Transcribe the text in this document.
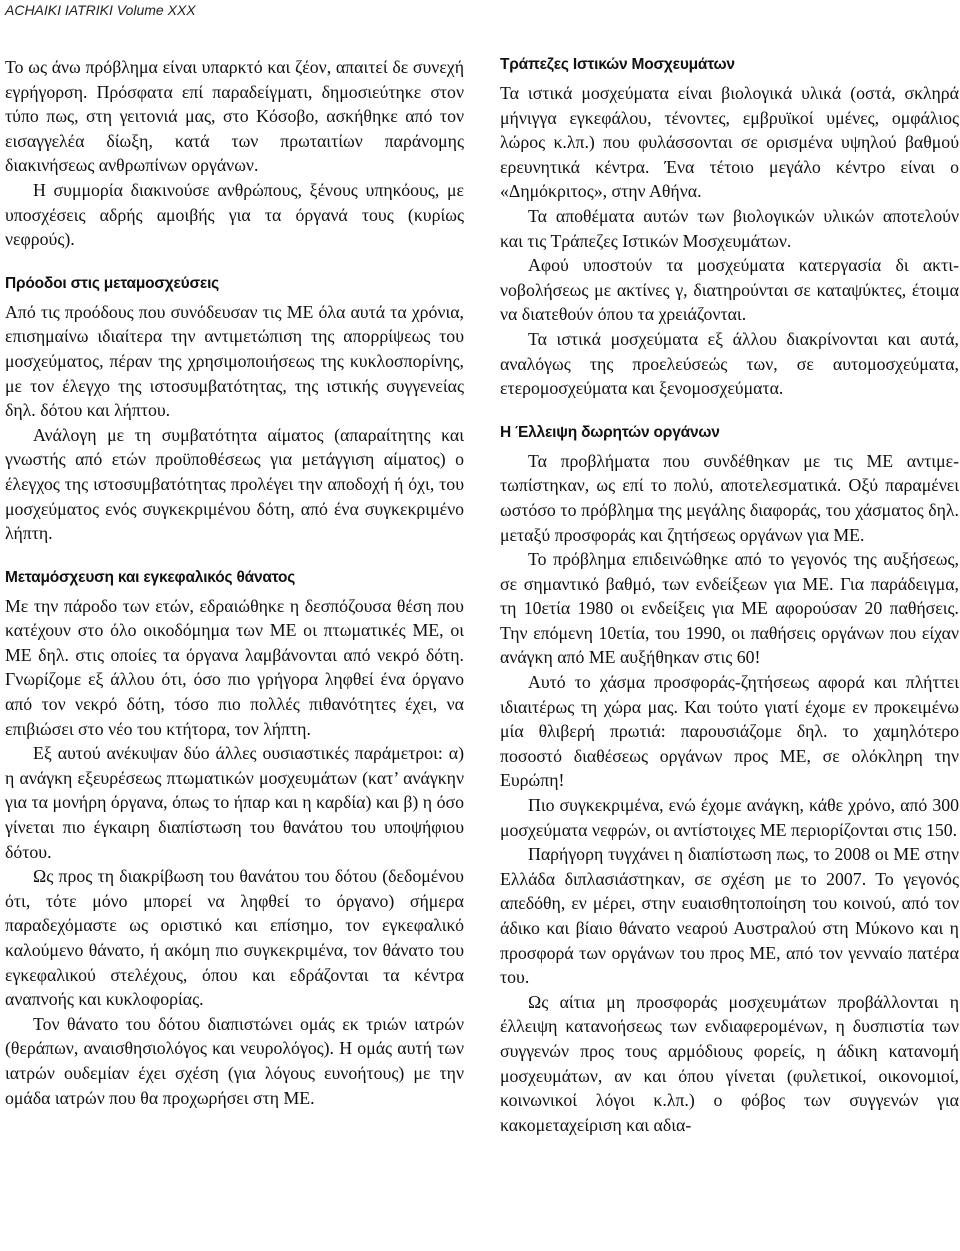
ACHAIKI IATRIKI Volume XXX

Το ως άνω πρόβλημα είναι υπαρκτό και ζέον, απαιτεί δε συνεχή εγρήγορση. Πρόσφατα επί παραδείγματι, δημοσιεύτηκε στον τύπο πως, στη γειτονιά μας, στο Κόσοβο, ασκήθηκε από τον εισαγγελέα δίωξη, κατά των πρωταιτίων παράνομης διακινήσεως ανθρωπίνων οργάνων.

Η συμμορία διακινούσε ανθρώπους, ξένους υπηκόους, με υποσχέσεις αδρής αμοιβής για τα όργανά τους (κυρίως νεφρούς).

Πρόοδοι στις μεταμοσχεύσεις

Από τις προόδους που συνόδευσαν τις ΜΕ όλα αυτά τα χρόνια, επισημαίνω ιδιαίτερα την αντιμετώπιση της απορρίψεως του μοσχεύματος, πέραν της χρησιμοποιήσεως της κυκλοσπορίνης, με τον έλεγχο της ιστοσυμβατότητας, της ιστικής συγγενείας δηλ. δότου και λήπτου.

Ανάλογη με τη συμβατότητα αίματος (απαραίτητης και γνωστής από ετών προϋποθέσεως για μετάγγιση αίματος) ο έλεγχος της ιστοσυμβατότητας προλέγει την αποδοχή ή όχι, του μοσχεύματος ενός συγκεκριμένου δότη, από ένα συγκεκριμένο λήπτη.

Μεταμόσχευση και εγκεφαλικός θάνατος

Με την πάροδο των ετών, εδραιώθηκε η δεσπόζουσα θέση που κατέχουν στο όλο οικοδόμημα των ΜΕ οι πτωματικές ΜΕ, οι ΜΕ δηλ. στις οποίες τα όργανα λαμβάνονται από νεκρό δότη. Γνωρίζομε εξ άλλου ότι, όσο πιο γρήγορα ληφθεί ένα όργανο από τον νεκρό δότη, τόσο πιο πολλές πιθανότητες έχει, να επιβιώσει στο νέο του κτήτορα, τον λήπτη.

Εξ αυτού ανέκυψαν δύο άλλες ουσιαστικές παράμετροι: α) η ανάγκη εξευρέσεως πτωματικών μοσχευμάτων (κατ’ ανάγκην για τα μονήρη όργανα, όπως το ήπαρ και η καρδία) και β) η όσο γίνεται πιο έγκαιρη διαπίστωση του θανάτου του υποψήφιου δότου.

Ως προς τη διακρίβωση του θανάτου του δότου (δεδομένου ότι, τότε μόνο μπορεί να ληφθεί το όργανο) σήμερα παραδεχόμαστε ως οριστικό και επίσημο, τον εγκεφαλικό καλούμενο θάνατο, ή ακόμη πιο συγκεκριμένα, τον θάνατο του εγκεφαλικού στελέχους, όπου και εδράζονται τα κέντρα αναπνοής και κυκλοφορίας.

Τον θάνατο του δότου διαπιστώνει ομάς εκ τριών ιατρών (θεράπων, αναισθησιολόγος και νευρολόγος). Η ομάς αυτή των ιατρών ουδεμίαν έχει σχέση (για λόγους ευνοήτους) με την ομάδα ιατρών που θα προχωρήσει στη ΜΕ.

Τράπεζες Ιστικών Μοσχευμάτων

Τα ιστικά μοσχεύματα είναι βιολογικά υλικά (οστά, σκληρά μήνιγγα εγκεφάλου, τένοντες, εμβρυϊκοί υμένες, ομφάλιος λώρος κ.λπ.) που φυλάσσονται σε ορισμένα υψηλού βαθμού ερευνητικά κέντρα. Ένα τέτοιο μεγάλο κέντρο είναι ο «Δημόκριτος», στην Αθήνα.

Τα αποθέματα αυτών των βιολογικών υλικών αποτελούν και τις Τράπεζες Ιστικών Μοσχευμάτων.

Αφού υποστούν τα μοσχεύματα κατεργασία δι ακτινοβολήσεως με ακτίνες γ, διατηρούνται σε καταψύκτες, έτοιμα να διατεθούν όπου τα χρειάζονται.

Τα ιστικά μοσχεύματα εξ άλλου διακρίνονται και αυτά, αναλόγως της προελεύσεώς των, σε αυτομοσχεύματα, ετερομοσχεύματα και ξενομοσχεύματα.

Η Έλλειψη δωρητών οργάνων

Τα προβλήματα που συνδέθηκαν με τις ΜΕ αντιμετωπίστηκαν, ως επί το πολύ, αποτελεσματικά. Οξύ παραμένει ωστόσο το πρόβλημα της μεγάλης διαφοράς, του χάσματος δηλ. μεταξύ προσφοράς και ζητήσεως οργάνων για ΜΕ.

Το πρόβλημα επιδεινώθηκε από το γεγονός της αυξήσεως, σε σημαντικό βαθμό, των ενδείξεων για ΜΕ. Για παράδειγμα, τη 10ετία 1980 οι ενδείξεις για ΜΕ αφορούσαν 20 παθήσεις. Την επόμενη 10ετία, του 1990, οι παθήσεις οργάνων που είχαν ανάγκη από ΜΕ αυξήθηκαν στις 60!

Αυτό το χάσμα προσφοράς-ζητήσεως αφορά και πλήττει ιδιαιτέρως τη χώρα μας. Και τούτο γιατί έχομε εν προκειμένω μία θλιβερή πρωτιά: παρουσιάζομε δηλ. το χαμηλότερο ποσοστό διαθέσεως οργάνων προς ΜΕ, σε ολόκληρη την Ευρώπη!

Πιο συγκεκριμένα, ενώ έχομε ανάγκη, κάθε χρόνο, από 300 μοσχεύματα νεφρών, οι αντίστοιχες ΜΕ περιορίζονται στις 150.

Παρήγορη τυγχάνει η διαπίστωση πως, το 2008 οι ΜΕ στην Ελλάδα διπλασιάστηκαν, σε σχέση με το 2007. Το γεγονός απεδόθη, εν μέρει, στην ευαισθητοποίηση του κοινού, από τον άδικο και βίαιο θάνατο νεαρού Αυστραλού στη Μύκονο και η προσφορά των οργάνων του προς ΜΕ, από τον γενναίο πατέρα του.

Ως αίτια μη προσφοράς μοσχευμάτων προβάλλονται η έλλειψη κατανοήσεως των ενδιαφερομένων, η δυσπιστία των συγγενών προς τους αρμόδιους φορείς, η άδικη κατανομή μοσχευμάτων, αν και όπου γίνεται (φυλετικοί, οικονομιοί, κοινωνικοί λόγοι κ.λπ.) ο φόβος των συγγενών για κακομεταχείριση και αδια-
